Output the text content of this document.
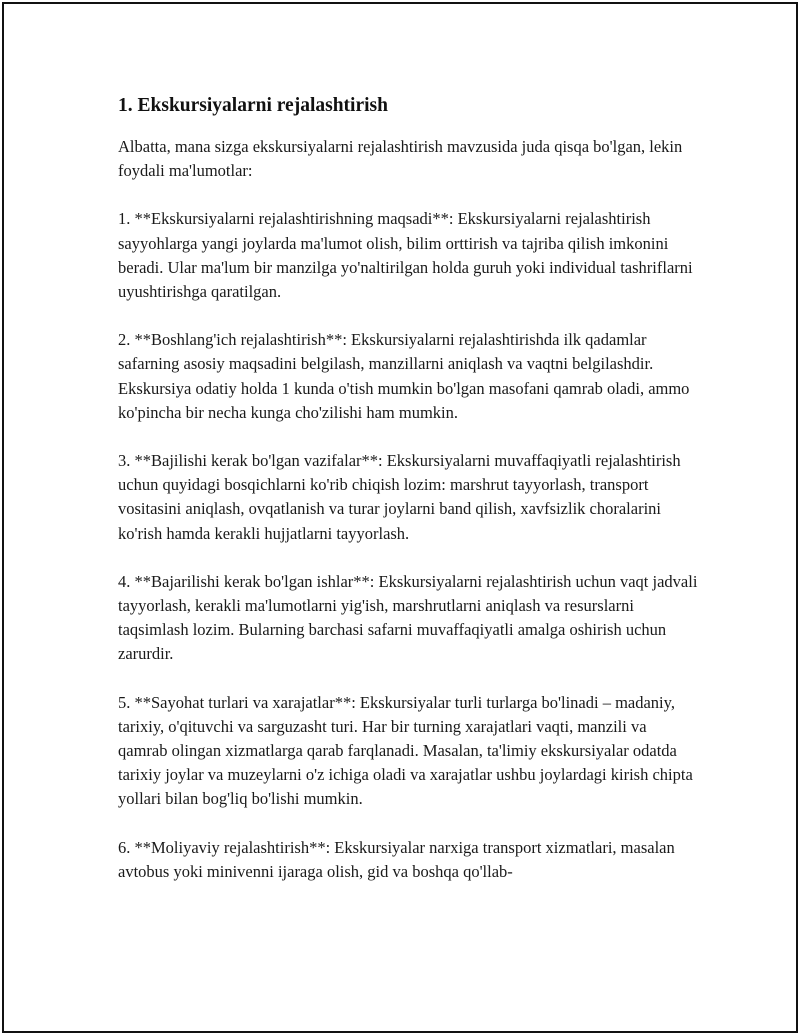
1. Ekskursiyalarni rejalashtirish

Albatta, mana sizga ekskursiyalarni rejalashtirish mavzusida juda qisqa bo'lgan, lekin foydali ma'lumotlar:

1. **Ekskursiyalarni rejalashtirishning maqsadi**: Ekskursiyalarni rejalashtirish sayyohlarga yangi joylarda ma'lumot olish, bilim orttirish va tajriba qilish imkonini beradi. Ular ma'lum bir manzilga yo'naltirilgan holda guruh yoki individual tashriflarni uyushtirishga qaratilgan.

2. **Boshlang'ich rejalashtirish**: Ekskursiyalarni rejalashtirishda ilk qadamlar safarning asosiy maqsadini belgilash, manzillarni aniqlash va vaqtni belgilashdir. Ekskursiya odatiy holda 1 kunda o'tish mumkin bo'lgan masofani qamrab oladi, ammo ko'pincha bir necha kunga cho'zilishi ham mumkin.

3. **Bajilishi kerak bo'lgan vazifalar**: Ekskursiyalarni muvaffaqiyatli rejalashtirish uchun quyidagi bosqichlarni ko'rib chiqish lozim: marshrut tayyorlash, transport vositasini aniqlash, ovqatlanish va turar joylarni band qilish, xavfsizlik choralarini ko'rish hamda kerakli hujjatlarni tayyorlash.

4. **Bajarilishi kerak bo'lgan ishlar**: Ekskursiyalarni rejalashtirish uchun vaqt jadvali tayyorlash, kerakli ma'lumotlarni yig'ish, marshrutlarni aniqlash va resurslarni taqsimlash lozim. Bularning barchasi safarni muvaffaqiyatli amalga oshirish uchun zarurdir.

5. **Sayohat turlari va xarajatlar**: Ekskursiyalar turli turlarga bo'linadi – madaniy, tarixiy, o'qituvchi va sarguzasht turi. Har bir turning xarajatlari vaqti, manzili va qamrab olingan xizmatlarga qarab farqlanadi. Masalan, ta'limiy ekskursiyalar odatda tarixiy joylar va muzeylarni o'z ichiga oladi va xarajatlar ushbu joylardagi kirish chipta yollari bilan bog'liq bo'lishi mumkin.

6. **Moliyaviy rejalashtirish**: Ekskursiyalar narxiga transport xizmatlari, masalan avtobus yoki minivenni ijaraga olish, gid va boshqa qo'llab-
